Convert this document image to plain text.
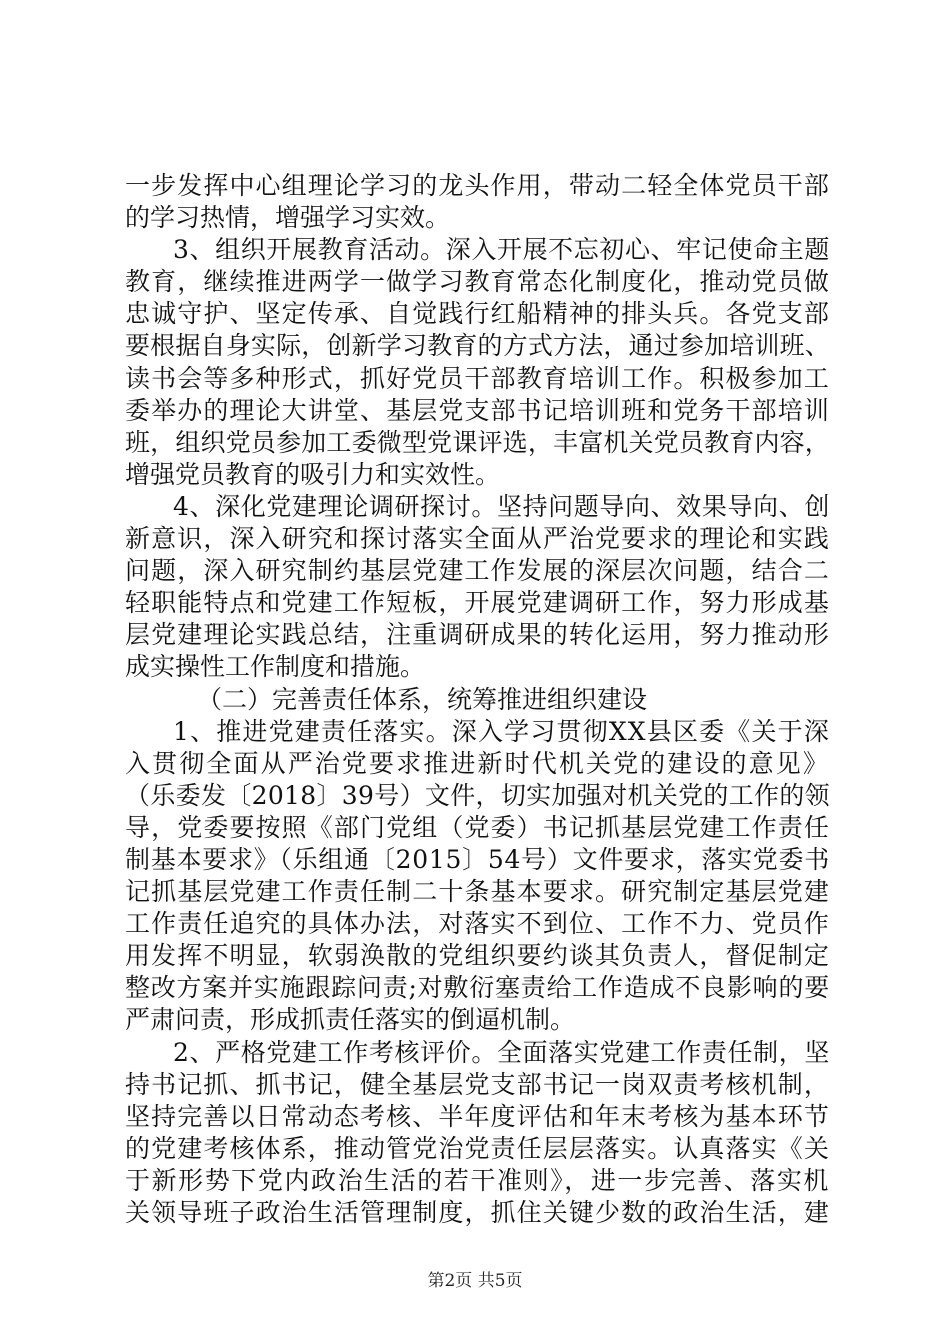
一步发挥中心组理论学习的龙头作用，带动二轻全体党员干部
的学习热情，增强学习实效。
3、组织开展教育活动。深入开展不忘初心、牢记使命主题
教育，继续推进两学一做学习教育常态化制度化，推动党员做
忠诚守护、坚定传承、自觉践行红船精神的排头兵。各党支部
要根据自身实际，创新学习教育的方式方法，通过参加培训班、
读书会等多种形式，抓好党员干部教育培训工作。积极参加工
委举办的理论大讲堂、基层党支部书记培训班和党务干部培训
班，组织党员参加工委微型党课评选，丰富机关党员教育内容，
增强党员教育的吸引力和实效性。
4、深化党建理论调研探讨。坚持问题导向、效果导向、创
新意识，深入研究和探讨落实全面从严治党要求的理论和实践
问题，深入研究制约基层党建工作发展的深层次问题，结合二
轻职能特点和党建工作短板，开展党建调研工作，努力形成基
层党建理论实践总结，注重调研成果的转化运用，努力推动形
成实操性工作制度和措施。
（二）完善责任体系，统筹推进组织建设
1、推进党建责任落实。深入学习贯彻XX县区委《关于深
入贯彻全面从严治党要求推进新时代机关党的建设的意见》
（乐委发〔2018〕39号）文件，切实加强对机关党的工作的领
导，党委要按照《部门党组（党委）书记抓基层党建工作责任
制基本要求》（乐组通〔2015〕54号）文件要求，落实党委书
记抓基层党建工作责任制二十条基本要求。研究制定基层党建
工作责任追究的具体办法，对落实不到位、工作不力、党员作
用发挥不明显，软弱涣散的党组织要约谈其负责人，督促制定
整改方案并实施跟踪问责;对敷衍塞责给工作造成不良影响的要
严肃问责，形成抓责任落实的倒逼机制。
2、严格党建工作考核评价。全面落实党建工作责任制，坚
持书记抓、抓书记，健全基层党支部书记一岗双责考核机制，
坚持完善以日常动态考核、半年度评估和年末考核为基本环节
的党建考核体系，推动管党治党责任层层落实。认真落实《关
于新形势下党内政治生活的若干准则》，进一步完善、落实机
关领导班子政治生活管理制度，抓住关键少数的政治生活，建
第2页 共5页
